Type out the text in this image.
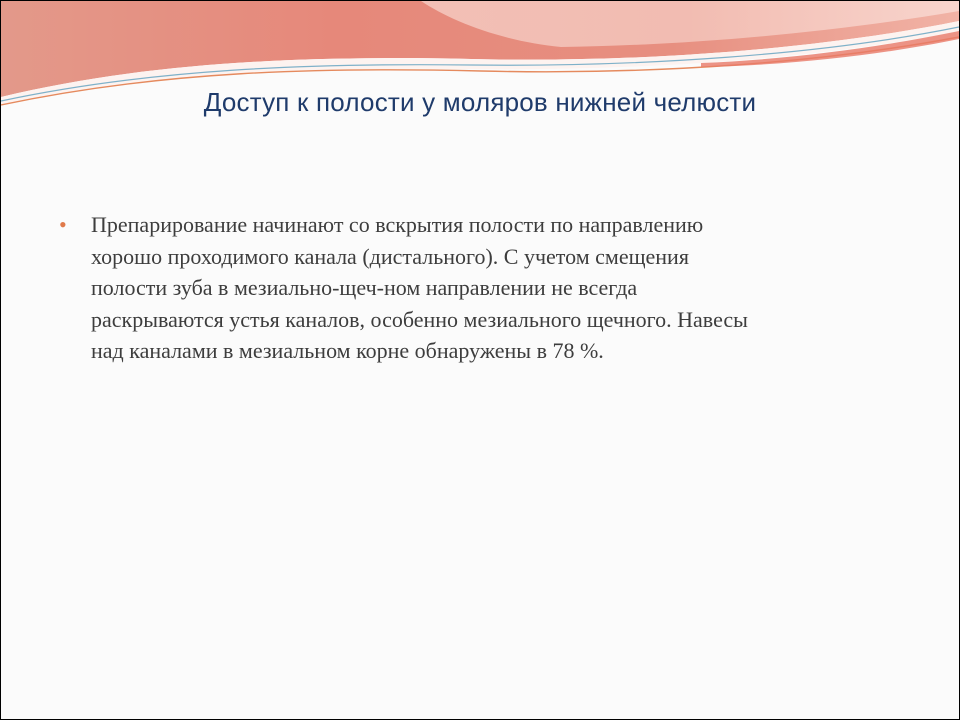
Доступ к полости у моляров нижней челюсти
•	Препарирование начинают со вскрытия полости по направлению
хорошо проходимого канала (дистального). С учетом смещения
полости зуба в мезиально-щеч-ном направлении не всегда
раскрываются устья каналов, особенно мезиального щечного. Навесы
над каналами в мезиальном корне обнаружены в 78 %.
